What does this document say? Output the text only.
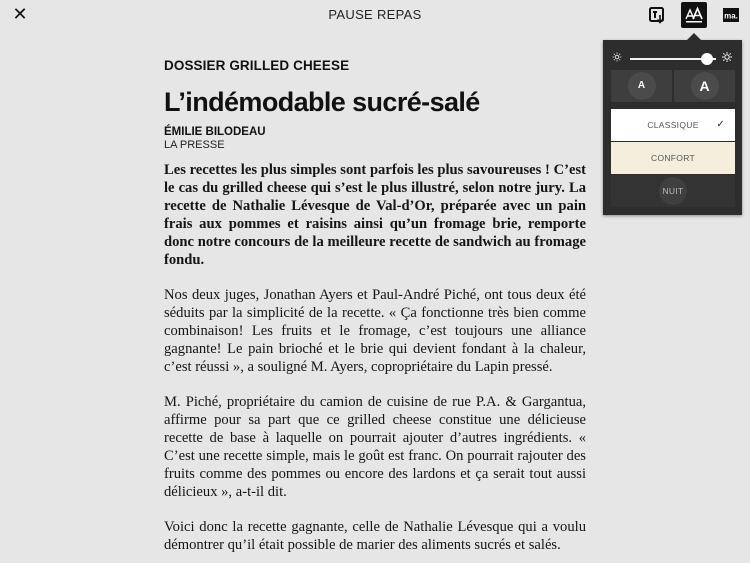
✕	PAUSE REPAS	ma.

DOSSIER GRILLED CHEESE

L’indémodable sucré-salé
ÉMILIE BILODEAU
LA PRESSE

Les recettes les plus simples sont parfois les plus savoureuses ! C’est le cas du grilled cheese qui s’est le plus illustré, selon notre jury. La recette de Nathalie Lévesque de Val-d’Or, préparée avec un pain frais aux pommes et raisins ainsi qu’un fromage brie, remporte donc notre concours de la meilleure recette de sandwich au fromage fondu.

Nos deux juges, Jonathan Ayers et Paul-André Piché, ont tous deux été séduits par la simplicité de la recette. « Ça fonctionne très bien comme combinaison! Les fruits et le fromage, c’est toujours une alliance gagnante! Le pain brioché et le brie qui devient fondant à la chaleur, c’est réussi », a souligné M. Ayers, copropriétaire du Lapin pressé.

M. Piché, propriétaire du camion de cuisine de rue P.A. & Gargantua, affirme pour sa part que ce grilled cheese constitue une délicieuse recette de base à laquelle on pourrait ajouter d’autres ingrédients. « C’est une recette simple, mais le goût est franc. On pourrait rajouter des fruits comme des pommes ou encore des lardons et ça serait tout aussi délicieux », a-t-il dit.

Voici donc la recette gagnante, celle de Nathalie Lévesque qui a voulu démontrer qu’il était possible de marier des aliments sucrés et salés.

A	A
CLASSIQUE ✓
CONFORT
NUIT
